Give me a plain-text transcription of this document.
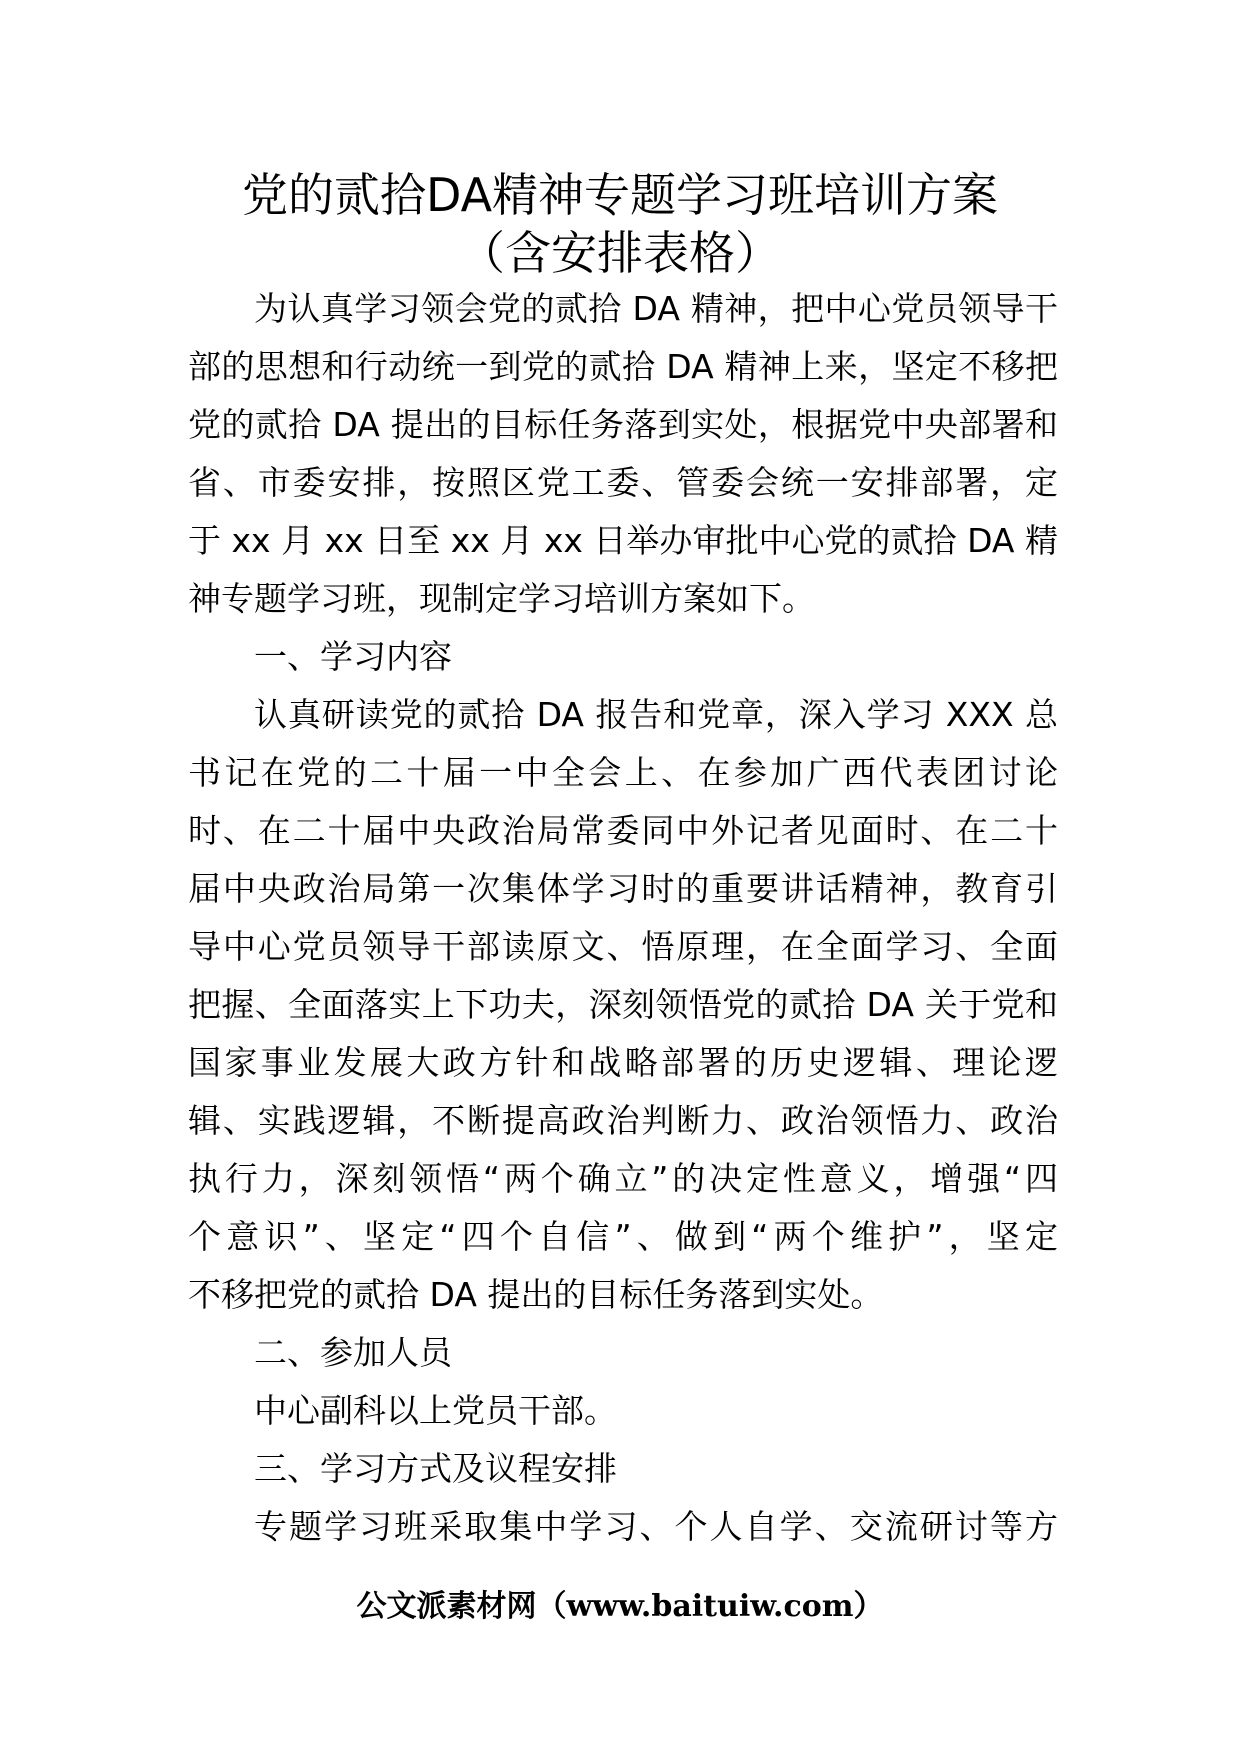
党的贰拾DA精神专题学习班培训方案
（含安排表格）
为认真学习领会党的贰拾 DA 精神，把中心党员领导干
部的思想和行动统一到党的贰拾 DA 精神上来，坚定不移把
党的贰拾 DA 提出的目标任务落到实处，根据党中央部署和
省、市委安排，按照区党工委、管委会统一安排部署，定
于 xx 月 xx 日至 xx 月 xx 日举办审批中心党的贰拾 DA 精
神专题学习班，现制定学习培训方案如下。
一、学习内容
认真研读党的贰拾 DA 报告和党章，深入学习 XXX 总
书记在党的二十届一中全会上、在参加广西代表团讨论
时、在二十届中央政治局常委同中外记者见面时、在二十
届中央政治局第一次集体学习时的重要讲话精神，教育引
导中心党员领导干部读原文、悟原理，在全面学习、全面
把握、全面落实上下功夫，深刻领悟党的贰拾 DA 关于党和
国家事业发展大政方针和战略部署的历史逻辑、理论逻
辑、实践逻辑，不断提高政治判断力、政治领悟力、政治
执行力，深刻领悟“两个确立”的决定性意义，增强“四
个意识”、坚定“四个自信”、做到“两个维护”，坚定
不移把党的贰拾 DA 提出的目标任务落到实处。
二、参加人员
中心副科以上党员干部。
三、学习方式及议程安排
专题学习班采取集中学习、个人自学、交流研讨等方
公文派素材网（www.baituiw.com）
